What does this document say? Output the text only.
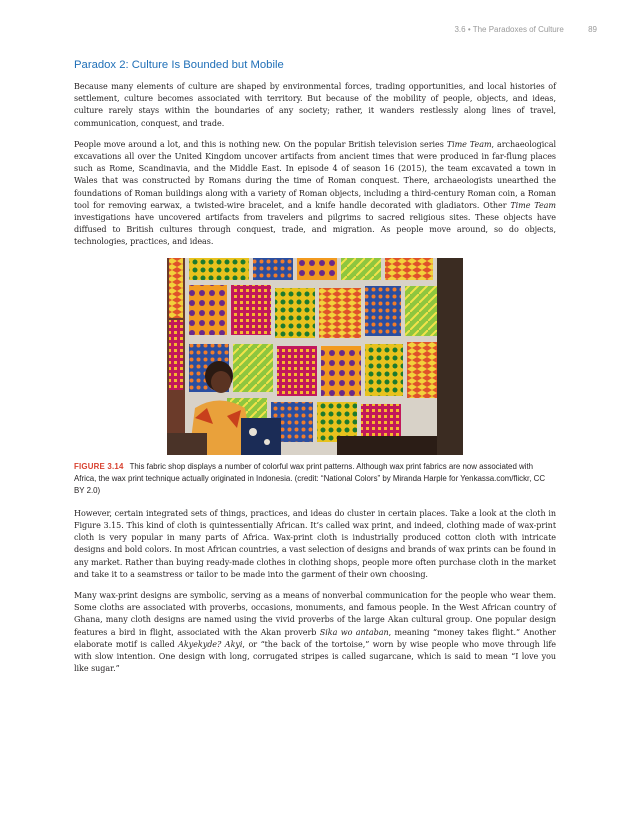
3.6 • The Paradoxes of Culture	89
Paradox 2: Culture Is Bounded but Mobile

Because many elements of culture are shaped by environmental forces, trading opportunities, and local histories of settlement, culture becomes associated with territory. But because of the mobility of people, objects, and ideas, culture rarely stays within the boundaries of any society; rather, it wanders restlessly along lines of travel, communication, conquest, and trade.

People move around a lot, and this is nothing new. On the popular British television series Time Team, archaeological excavations all over the United Kingdom uncover artifacts from ancient times that were produced in far-flung places such as Rome, Scandinavia, and the Middle East. In episode 4 of season 16 (2015), the team excavated a town in Wales that was constructed by Romans during the time of Roman conquest. There, archaeologists unearthed the foundations of Roman buildings along with a variety of Roman objects, including a third-century Roman coin, a Roman tool for removing earwax, a twisted-wire bracelet, and a knife handle decorated with gladiators. Other Time Team investigations have uncovered artifacts from travelers and pilgrims to sacred religious sites. These objects have diffused to British cultures through conquest, trade, and migration. As people move around, so do objects, technologies, practices, and ideas.

FIGURE 3.14 This fabric shop displays a number of colorful wax print patterns. Although wax print fabrics are now associated with Africa, the wax print technique actually originated in Indonesia. (credit: “National Colors” by Miranda Harple for Yenkassa.com/flickr, CC BY 2.0)

However, certain integrated sets of things, practices, and ideas do cluster in certain places. Take a look at the cloth in Figure 3.15. This kind of cloth is quintessentially African. It’s called wax print, and indeed, clothing made of wax-print cloth is very popular in many parts of Africa. Wax-print cloth is industrially produced cotton cloth with intricate designs and bold colors. In most African countries, a vast selection of designs and brands of wax prints can be found in any market. Rather than buying ready-made clothes in clothing shops, people more often purchase cloth in the market and take it to a seamstress or tailor to be made into the garment of their own choosing.

Many wax-print designs are symbolic, serving as a means of nonverbal communication for the people who wear them. Some cloths are associated with proverbs, occasions, monuments, and famous people. In the West African country of Ghana, many cloth designs are named using the vivid proverbs of the large Akan cultural group. One popular design features a bird in flight, associated with the Akan proverb Sika wo antaban, meaning “money takes flight.” Another elaborate motif is called Akyekyde? Akyi, or “the back of the tortoise,” worn by wise people who move through life with slow intention. One design with long, corrugated stripes is called sugarcane, which is said to mean “I love you like sugar.”
